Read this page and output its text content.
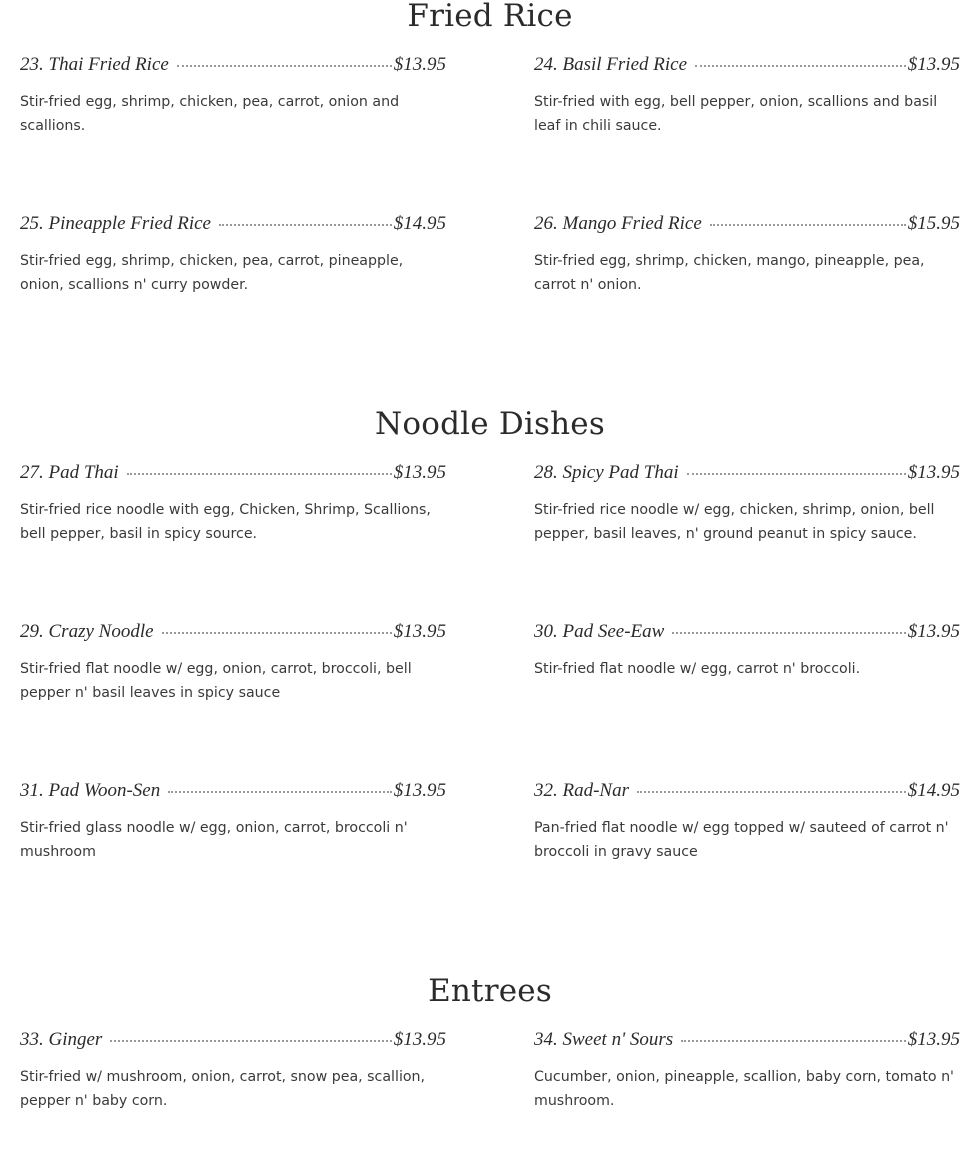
Fried Rice
23. Thai Fried Rice	$13.95
Stir-fried egg, shrimp, chicken, pea, carrot, onion and scallions.
24. Basil Fried Rice	$13.95
Stir-fried with egg, bell pepper, onion, scallions and basil leaf in chili sauce.
25. Pineapple Fried Rice	$14.95
Stir-fried egg, shrimp, chicken, pea, carrot, pineapple, onion, scallions n' curry powder.
26. Mango Fried Rice	$15.95
Stir-fried egg, shrimp, chicken, mango, pineapple, pea, carrot n' onion.
Noodle Dishes
27. Pad Thai	$13.95
Stir-fried rice noodle with egg, Chicken, Shrimp, Scallions, bell pepper, basil in spicy source.
28. Spicy Pad Thai	$13.95
Stir-fried rice noodle w/ egg, chicken, shrimp, onion, bell pepper, basil leaves, n' ground peanut in spicy sauce.
29. Crazy Noodle	$13.95
Stir-fried flat noodle w/ egg, onion, carrot, broccoli, bell pepper n' basil leaves in spicy sauce
30. Pad See-Eaw	$13.95
Stir-fried flat noodle w/ egg, carrot n' broccoli.
31. Pad Woon-Sen	$13.95
Stir-fried glass noodle w/ egg, onion, carrot, broccoli n' mushroom
32. Rad-Nar	$14.95
Pan-fried flat noodle w/ egg topped w/ sauteed of carrot n' broccoli in gravy sauce
Entrees
33. Ginger	$13.95
Stir-fried w/ mushroom, onion, carrot, snow pea, scallion, pepper n' baby corn.
34. Sweet n' Sours	$13.95
Cucumber, onion, pineapple, scallion, baby corn, tomato n' mushroom.
